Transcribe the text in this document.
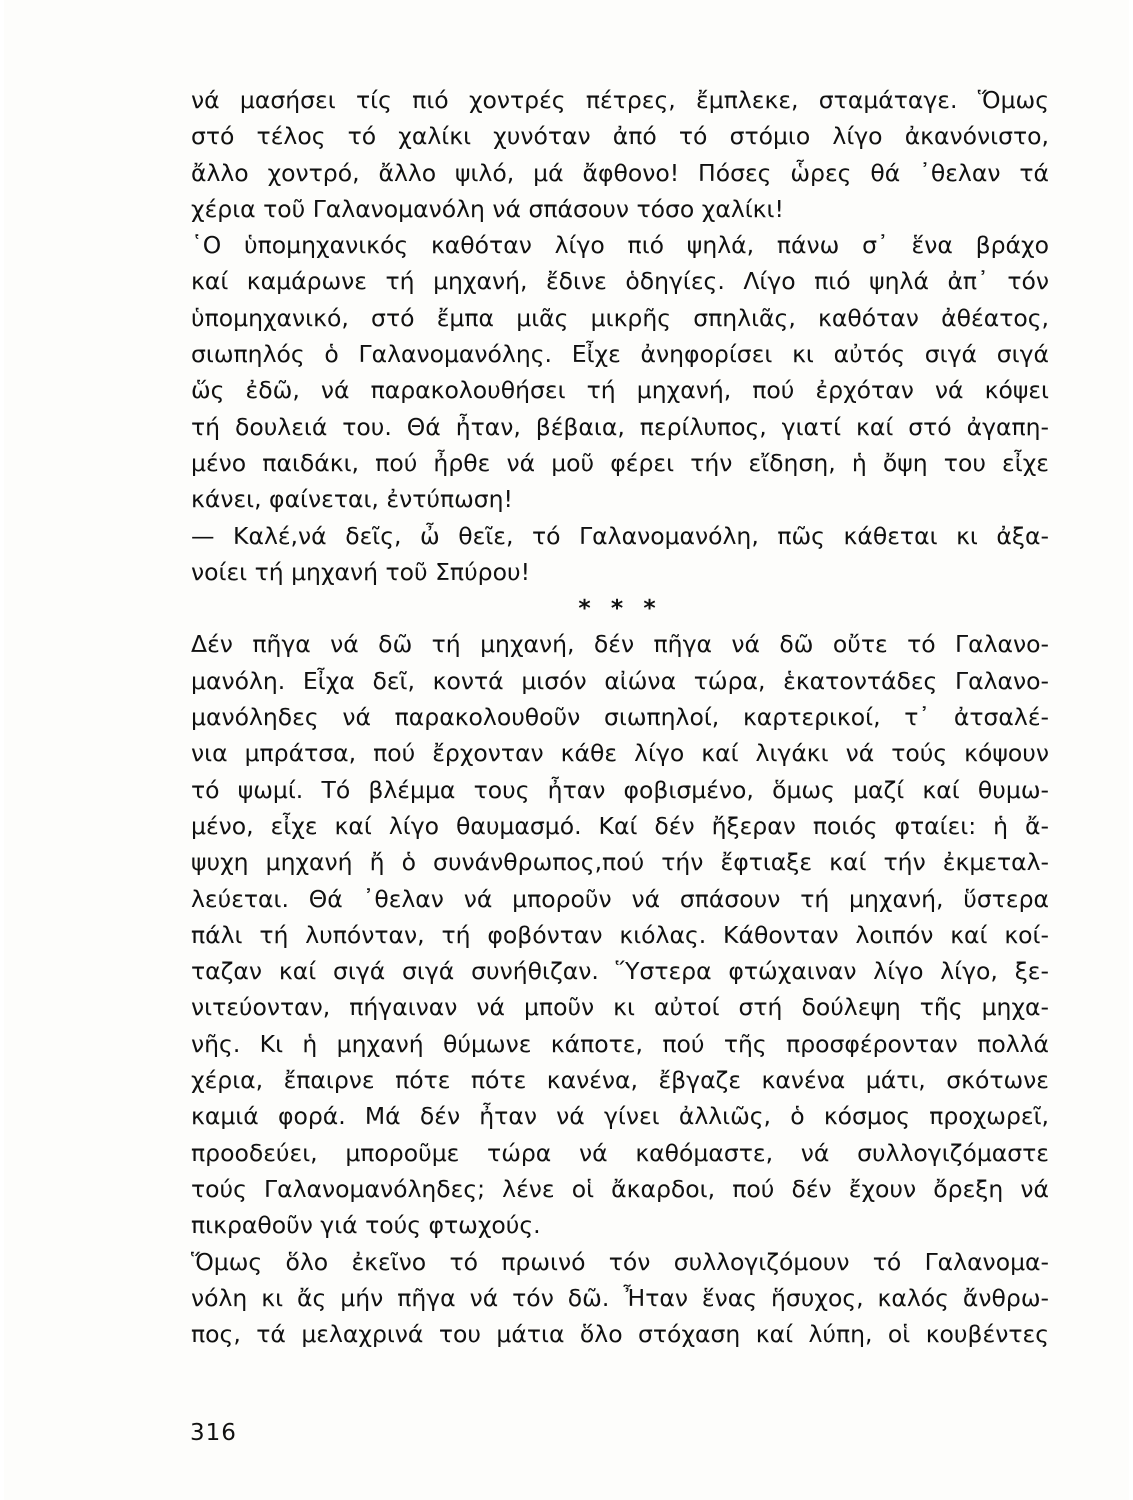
νά μασήσει τίς πιό χοντρές πέτρες, ἔμπλεκε, σταμάταγε. Ὅμως
στό τέλος τό χαλίκι χυνόταν ἀπό τό στόμιο λίγο ἀκανόνιστο,
ἄλλο χοντρό, ἄλλο ψιλό, μά ἄφθονο! Πόσες ὧρες θά ᾿θελαν τά
χέρια τοῦ Γαλανομανόλη νά σπάσουν τόσο χαλίκι!
῾Ο ὑπομηχανικός καθόταν λίγο πιό ψηλά, πάνω σ᾿ ἕνα βράχο
καί καμάρωνε τή μηχανή, ἔδινε ὁδηγίες. Λίγο πιό ψηλά ἀπ᾿ τόν
ὑπομηχανικό, στό ἔμπα μιᾶς μικρῆς σπηλιᾶς, καθόταν ἀθέατος,
σιωπηλός ὁ Γαλανομανόλης. Εἶχε ἀνηφορίσει κι αὐτός σιγά σιγά
ὥς ἐδῶ, νά παρακολουθήσει τή μηχανή, πού ἐρχόταν νά κόψει
τή δουλειά του. Θά ἦταν, βέβαια, περίλυπος, γιατί καί στό ἀγαπη-
μένο παιδάκι, πού ἦρθε νά μοῦ φέρει τήν εἴδηση, ἡ ὄψη του εἶχε
κάνει, φαίνεται, ἐντύπωση!
— Καλέ,νά δεῖς, ὦ θεῖε, τό Γαλανομανόλη, πῶς κάθεται κι ἀξα-
νοίει τή μηχανή τοῦ Σπύρου!
* * *
Δέν πῆγα νά δῶ τή μηχανή, δέν πῆγα νά δῶ οὔτε τό Γαλανο-
μανόλη. Εἶχα δεῖ, κοντά μισόν αἰώνα τώρα, ἑκατοντάδες Γαλανο-
μανόληδες νά παρακολουθοῦν σιωπηλοί, καρτερικοί, τ᾿ ἀτσαλέ-
νια μπράτσα, πού ἔρχονταν κάθε λίγο καί λιγάκι νά τούς κόψουν
τό ψωμί. Τό βλέμμα τους ἦταν φοβισμένο, ὅμως μαζί καί θυμω-
μένο, εἶχε καί λίγο θαυμασμό. Καί δέν ἤξεραν ποιός φταίει: ἡ ἄ-
ψυχη μηχανή ἤ ὁ συνάνθρωπος,πού τήν ἔφτιαξε καί τήν ἐκμεταλ-
λεύεται. Θά ᾿θελαν νά μποροῦν νά σπάσουν τή μηχανή, ὕστερα
πάλι τή λυπόνταν, τή φοβόνταν κιόλας. Κάθονταν λοιπόν καί κοί-
ταζαν καί σιγά σιγά συνήθιζαν. Ὕστερα φτώχαιναν λίγο λίγο, ξε-
νιτεύονταν, πήγαιναν νά μποῦν κι αὐτοί στή δούλεψη τῆς μηχα-
νῆς. Κι ἡ μηχανή θύμωνε κάποτε, πού τῆς προσφέρονταν πολλά
χέρια, ἔπαιρνε πότε πότε κανένα, ἔβγαζε κανένα μάτι, σκότωνε
καμιά φορά. Μά δέν ἦταν νά γίνει ἀλλιῶς, ὁ κόσμος προχωρεῖ,
προοδεύει, μποροῦμε τώρα νά καθόμαστε, νά συλλογιζόμαστε
τούς Γαλανομανόληδες; λένε οἱ ἄκαρδοι, πού δέν ἔχουν ὄρεξη νά
πικραθοῦν γιά τούς φτωχούς.
Ὅμως ὅλο ἐκεῖνο τό πρωινό τόν συλλογιζόμουν τό Γαλανομα-
νόλη κι ἄς μήν πῆγα νά τόν δῶ. Ἦταν ἕνας ἥσυχος, καλός ἄνθρω-
πος, τά μελαχρινά του μάτια ὅλο στόχαση καί λύπη, οἱ κουβέντες
316
